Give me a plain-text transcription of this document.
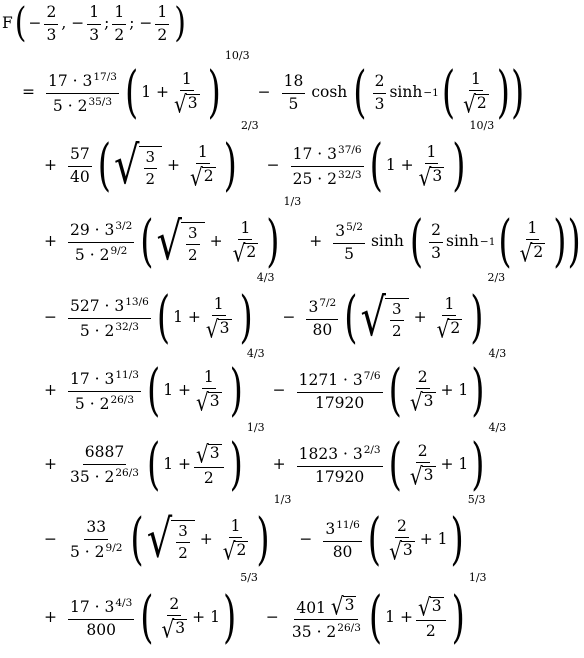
F ( − $\frac{2}{3}$ , − $\frac{1}{3}$ ; $\frac{1}{2}$ ; − $\frac{1}{2}$ )
= $\frac{17 \cdot 3^{17/3}}{5 \cdot 2^{35/3}}$ ( $1 + \frac{1}{√ 3}$ )
10/3
− $\frac{18}{5}$ cosh ( $\frac{2}{3}$ sinh −1 ( $\frac{1}{√ 2}$ ) )
+ $\frac{57}{40}$ ( √ $\frac{3}{2} + \frac{1}{√ 2}$ )
2/3
− $\frac{17 \cdot 3^{37/6}}{25 \cdot 2^{32/3}}$ ( $1 + \frac{1}{√ 3}$ )
10/3
+ $\frac{29 \cdot 3^{3/2}}{5 \cdot 2^{9/2}}$ ( √ $\frac{3}{2} + \frac{1}{√ 2}$ )
1/3
+ $\frac{3^{5/2}}{5}$ sinh ( $\frac{2}{3}$ sinh −1 ( $\frac{1}{√ 2}$ ) )
− $\frac{527 \cdot 3^{13/6}}{5 \cdot 2^{32/3}}$ ( $1 + \frac{1}{√ 3}$ )
4/3
− $\frac{3^{7/2}}{80}$ ( √ $\frac{3}{2} + \frac{1}{√ 2}$ )
2/3
+ $\frac{17 \cdot 3^{11/3}}{5 \cdot 2^{26/3}}$ ( $1 + \frac{1}{√ 3}$ )
4/3
− $\frac{1271 \cdot 3^{7/6}}{17920}$ ( $\frac{2}{√ 3} + 1$ )
4/3
+ $\frac{6887}{35 \cdot 2^{26/3}}$ ( $1 + \frac{√ 3}{2}$ )
1/3
+ $\frac{1823 \cdot 3^{2/3}}{17920}$ ( $\frac{2}{√ 3} + 1$ )
4/3
− $\frac{33}{5 \cdot 2^{9/2}}$ ( √ $\frac{3}{2} + \frac{1}{√ 2}$ )
1/3
− $\frac{3^{11/6}}{80}$ ( $\frac{2}{√ 3} + 1$ )
5/3
+ $\frac{17 \cdot 3^{4/3}}{800}$ ( $\frac{2}{√ 3} + 1$ )
5/3
− $\frac{401 √ 3}{35 \cdot 2^{26/3}}$ ( $1 + \frac{√ 3}{2}$ )
1/3
